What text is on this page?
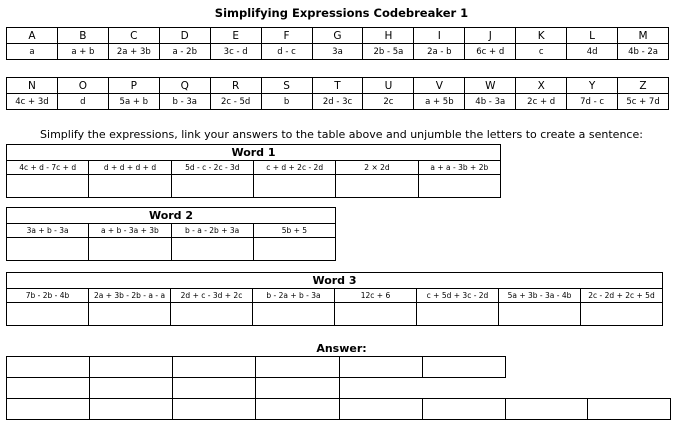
Simplifying Expressions Codebreaker 1
A	B	C	D	E	F	G	H	I	J	K	L	M
a	a + b	2a + 3b	a - 2b	3c - d	d - c	3a	2b - 5a	2a - b	6c + d	c	4d	4b - 2a
N	O	P	Q	R	S	T	U	V	W	X	Y	Z
4c + 3d	d	5a + b	b - 3a	2c - 5d	b	2d - 3c	2c	a + 5b	4b - 3a	2c + d	7d - c	5c + 7d
Simplify the expressions, link your answers to the table above and unjumble the letters to create a sentence:
Word 1					
4c + d - 7c + d	d + d + d + d	5d - c - 2c - 3d	c + d + 2c - 2d	2 × 2d	a + a - 3b + 2b

Word 2			
3a + b - 3a	a + b - 3a + 3b	b - a - 2b + 3a	5b + 5

Word 3							
7b - 2b - 4b	2a + 3b - 2b - a - a	2d + c - 3d + 2c	b - 2a + b - 3a	12c + 6	c + 5d + 3c - 2d	5a + 3b - 3a - 4b	2c - 2d + 2c + 5d

Answer:
